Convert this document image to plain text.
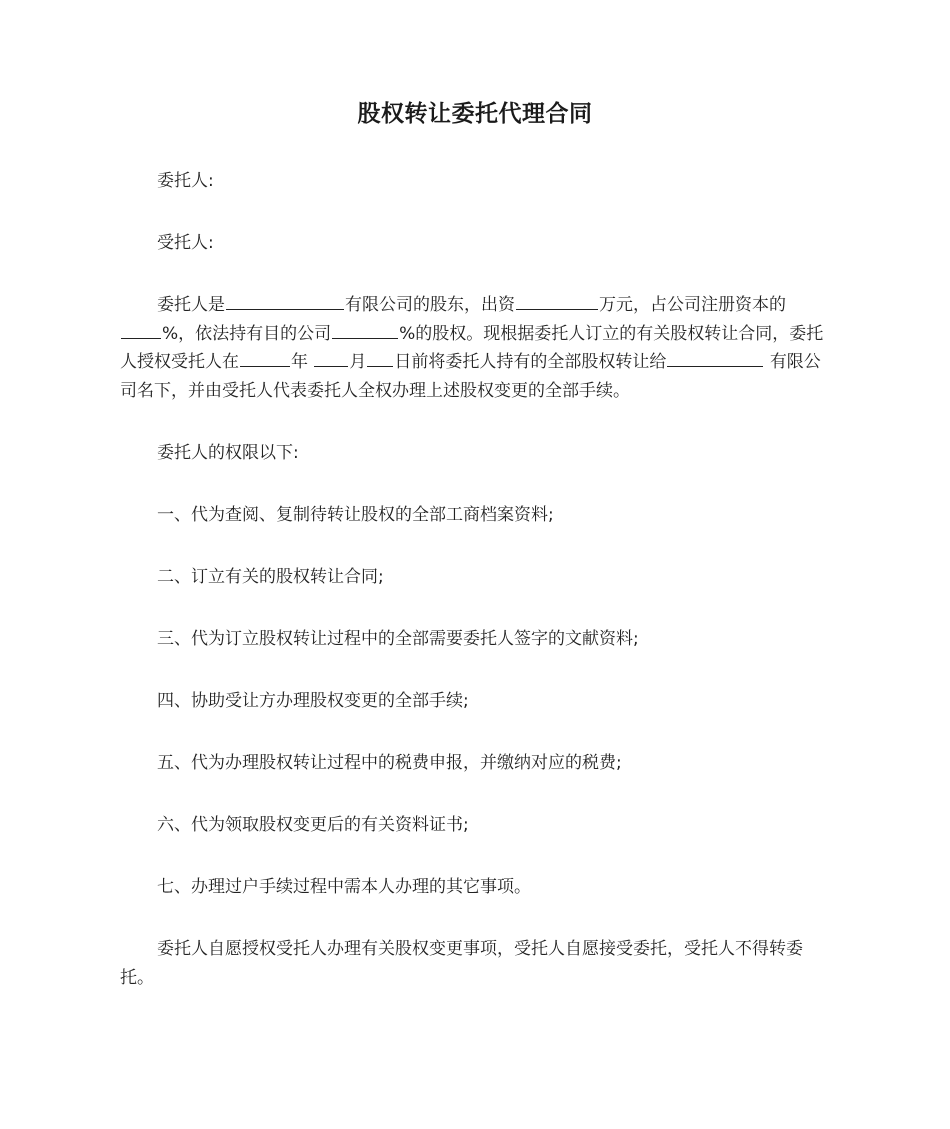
股权转让委托代理合同
委托人:
受托人:
委托人是	有限公司的股东，出资	万元，占公司注册资本的 %，依法持有目的公司	%的股权。现根据委托人订立的有关股权转让合同，委托人授权受托人在	年 月 日前将委托人持有的全部股权转让给	有限公司名下，并由受托人代表委托人全权办理上述股权变更的全部手续。
委托人的权限以下:
一、代为查阅、复制待转让股权的全部工商档案资料;
二、订立有关的股权转让合同;
三、代为订立股权转让过程中的全部需要委托人签字的文献资料;
四、协助受让方办理股权变更的全部手续;
五、代为办理股权转让过程中的税费申报，并缴纳对应的税费;
六、代为领取股权变更后的有关资料证书;
七、办理过户手续过程中需本人办理的其它事项。
委托人自愿授权受托人办理有关股权变更事项，受托人自愿接受委托，受托人不得转委托。
